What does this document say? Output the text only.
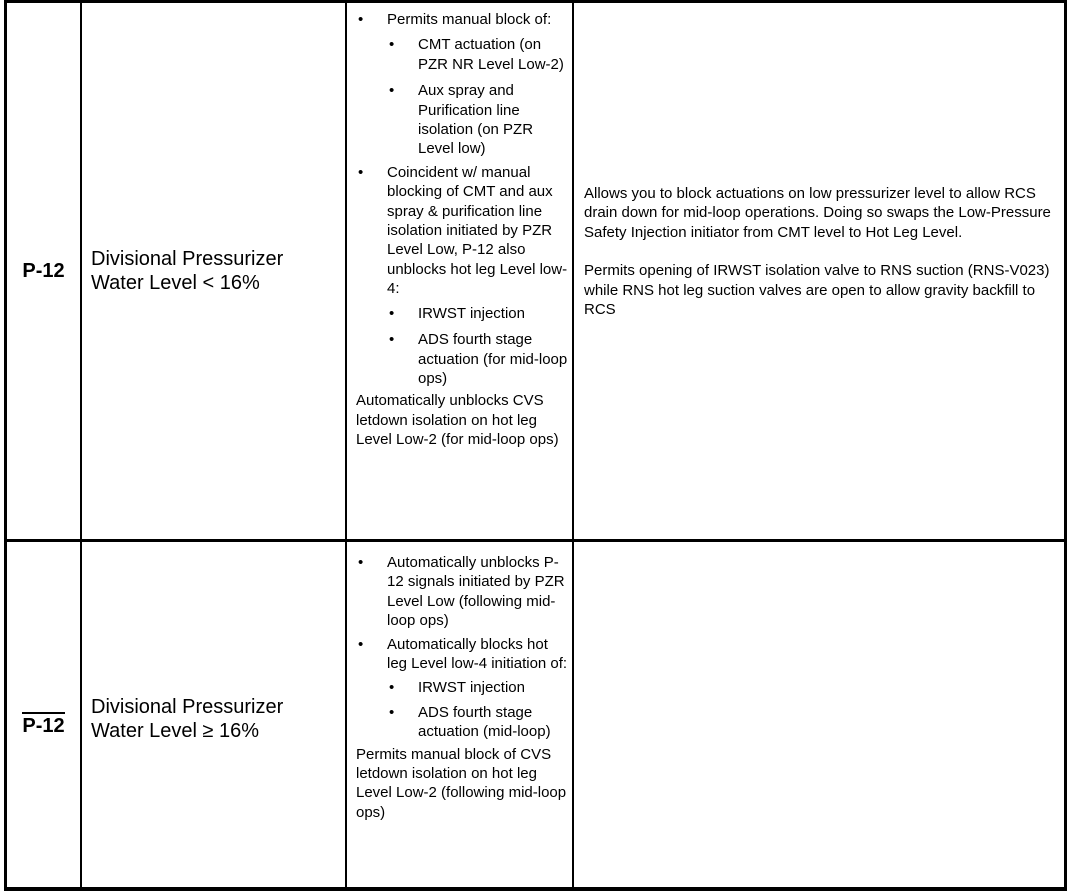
P-12
Divisional Pressurizer Water Level < 16%
• Permits manual block of:
• CMT actuation (on PZR NR Level Low-2)
• Aux spray and Purification line isolation (on PZR Level low)
• Coincident w/ manual blocking of CMT and aux spray & purification line isolation initiated by PZR Level Low, P-12 also unblocks hot leg Level low-4:
• IRWST injection
• ADS fourth stage actuation (for mid-loop ops)
Automatically unblocks CVS letdown isolation on hot leg Level Low-2 (for mid-loop ops)

Allows you to block actuations on low pressurizer level to allow RCS drain down for mid-loop operations. Doing so swaps the Low-Pressure Safety Injection initiator from CMT level to Hot Leg Level.

Permits opening of IRWST isolation valve to RNS suction (RNS-V023) while RNS hot leg suction valves are open to allow gravity backfill to RCS

P-12
Divisional Pressurizer Water Level ≥ 16%
• Automatically unblocks P-12 signals initiated by PZR Level Low (following mid-loop ops)
• Automatically blocks hot leg Level low-4 initiation of:
• IRWST injection
• ADS fourth stage actuation (mid-loop)
Permits manual block of CVS letdown isolation on hot leg Level Low-2 (following mid-loop ops)
